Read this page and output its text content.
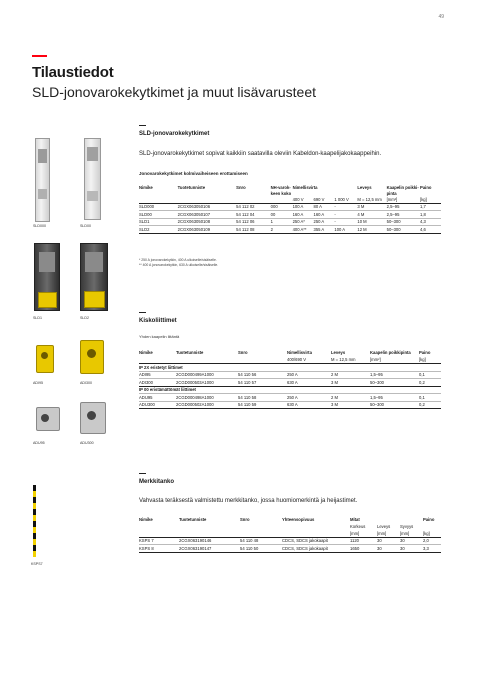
49
Tilaustiedot
SLD-jonovarokekytkimet ja muut lisävarusteet
SLD000	SLD00
SLD1	SLD2
ADI95	ADI300
ADU95	ADU300
KSPS7
SLD-jonovarokekytkimet
SLD-jonovarokekytkimet sopivat kaikkiin saatavilla oleviin Kabeldon-kaapelijakokaappeihin.
Jonovarokekytkimet kolmivaiheiseen erottamiseen
Nimike	Tuotetunniste	Snro	NH-varok-keen koko	Nimellisvirta			Leveys	Kaapelin poikki-pinta	Paino
				400 V	690 V	1 000 V	M = 12,5 mm	[mm²]	[kg]
SLD000	2CGX063050106	54 112 02	000	100 A	80 A	-	3 M	2,5–95	1,7
SLD00	2CGX063050107	54 112 04	00	160 A	160 A	-	4 M	2,5–95	1,8
SLD1	2CGX063050108	54 112 06	1	250 A*	250 A	-	10 M	50–300	4,3
SLD2	2CGX063050109	54 112 08	2	400 A**	355 A	100 A	12 M	50–300	4,6
* 250 A jonovarokekytkin, 400 A ulkoiselle/sisäiselle.
** 400 A jonovarokekytkin, 630 A ulkoiselle/sisäiselle.
Kiskoliittimet
Yhden kaapelin liitäntä
Nimike	Tuotetunniste	Snro	Nimellisvirta	Leveys	Kaapelin poikkipinta	Paino
			400/690 V	M = 12,5 mm	[mm²]	[kg]
IP 2X eristetyt liittimet						
ADI95	2CGD000499A1000	54 110 56	250 A	2 M	1,5–95	0,1
ADI300	2CGD000503A1000	54 110 57	630 A	3 M	50–300	0,2
IP 00 eristämättömät liittimet						
ADU95	2CGD000498A1000	54 110 58	250 A	2 M	1,5–95	0,1
ADU300	2CGD000502A1000	54 110 59	630 A	3 M	50–300	0,2
Merkkitanko
Vahvasta teräksestä valmistettu merkkitanko, jossa huomiomerkintä ja heijastimet.
Nimike	Tuotetunniste	Snro	Yhteensopivuus	Mitat			Paino
				Korkeus	Leveys	Syvyys	
				[mm]	[mm]	[mm]	[kg]
KSPS 7	2CGX063190146	54 110 48	CDCS, SDCS jakokaapit	1120	30	30	2,0
KSPS 8	2CGX063190147	54 110 50	CDCS, SDCS jakokaapit	1650	30	30	3,3
